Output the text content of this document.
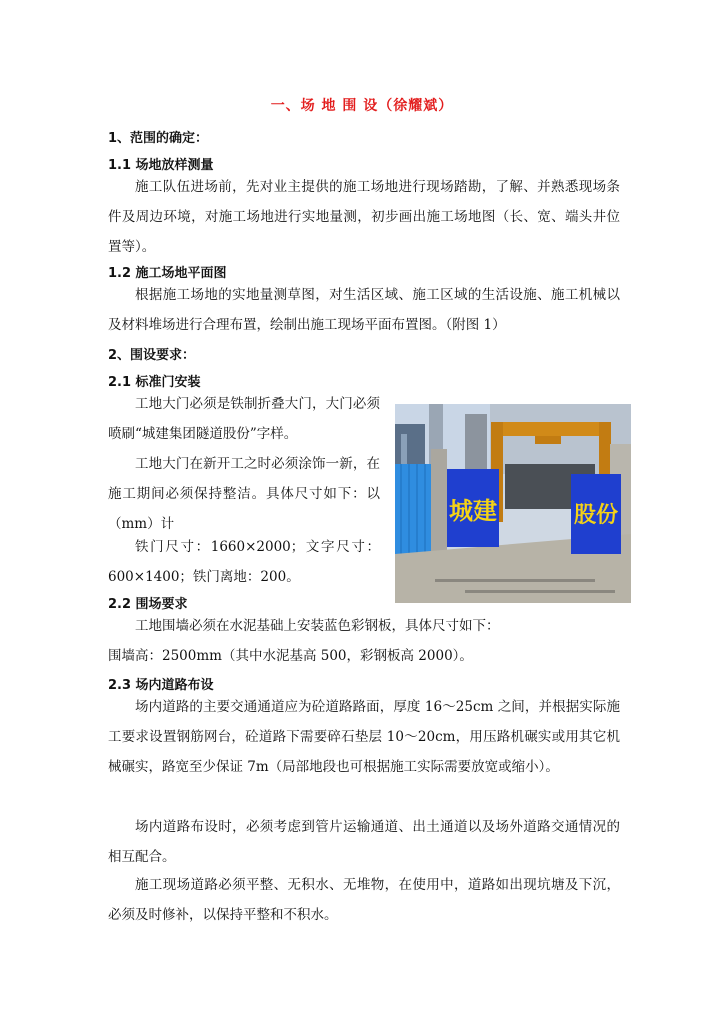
一、场 地 围 设（徐耀斌）
1、范围的确定：
1.1 场地放样测量
施工队伍进场前，先对业主提供的施工场地进行现场踏勘，了解、并熟悉现场条件及周边环境，对施工场地进行实地量测，初步画出施工场地图（长、宽、端头井位置等）。
1.2 施工场地平面图
根据施工场地的实地量测草图，对生活区域、施工区域的生活设施、施工机械以及材料堆场进行合理布置，绘制出施工现场平面布置图。（附图 1）
2、围设要求：
2.1 标准门安装
工地大门必须是铁制折叠大门，大门必须喷刷“城建集团隧道股份”字样。
工地大门在新开工之时必须涂饰一新，在施工期间必须保持整洁。具体尺寸如下：以（mm）计
铁门尺寸：1660×2000；文字尺寸：600×1400；铁门离地：200。
城建	股份
2.2 围场要求
工地围墙必须在水泥基础上安装蓝色彩钢板，具体尺寸如下：
围墙高：2500mm（其中水泥基高 500，彩钢板高 2000）。
2.3 场内道路布设
场内道路的主要交通通道应为砼道路路面，厚度 16～25cm 之间，并根据实际施工要求设置钢筋网台，砼道路下需要碎石垫层 10～20cm，用压路机碾实或用其它机械碾实，路宽至少保证 7m（局部地段也可根据施工实际需要放宽或缩小）。
场内道路布设时，必须考虑到管片运输通道、出土通道以及场外道路交通情况的相互配合。
施工现场道路必须平整、无积水、无堆物，在使用中，道路如出现坑塘及下沉，必须及时修补，以保持平整和不积水。
